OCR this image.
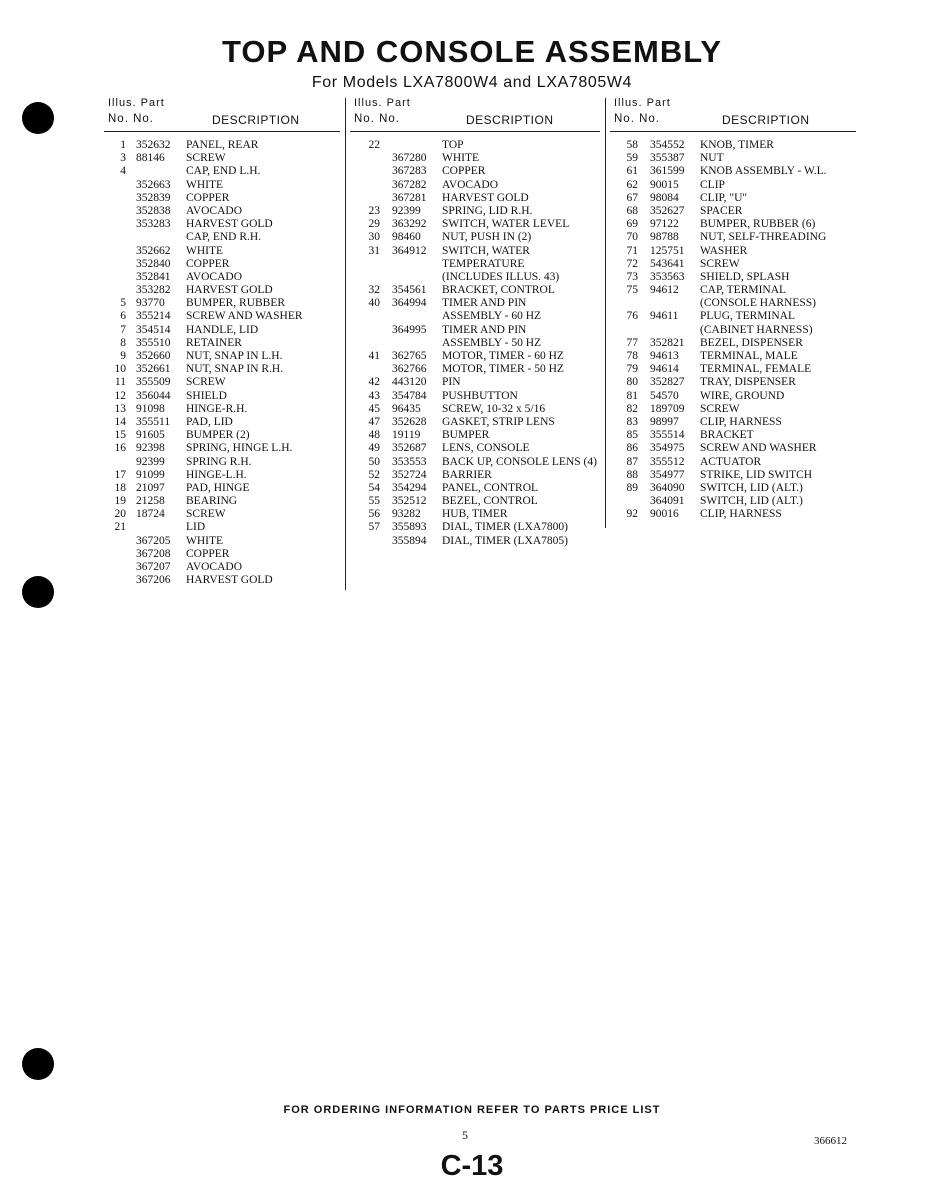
TOP AND CONSOLE ASSEMBLY
For Models LXA7800W4 and LXA7805W4
Illus. Part
No. No.	DESCRIPTION
1 352632 PANEL, REAR
3 88146 SCREW
4	CAP, END L.H.
352663 WHITE
352839 COPPER
352838 AVOCADO
353283 HARVEST GOLD
CAP, END R.H.
352662 WHITE
352840 COPPER
352841 AVOCADO
353282 HARVEST GOLD
5 93770 BUMPER, RUBBER
6 355214 SCREW AND WASHER
7 354514 HANDLE, LID
8 355510 RETAINER
9 352660 NUT, SNAP IN L.H.
10 352661 NUT, SNAP IN R.H.
11 355509 SCREW
12 356044 SHIELD
13 91098 HINGE-R.H.
14 355511 PAD, LID
15 91605 BUMPER (2)
16 92398 SPRING, HINGE L.H.
92399 SPRING R.H.
17 91099 HINGE-L.H.
18 21097 PAD, HINGE
19 21258 BEARING
20 18724 SCREW
21	LID
367205 WHITE
367208 COPPER
367207 AVOCADO
367206 HARVEST GOLD
Illus. Part
No. No.	DESCRIPTION
22	TOP
367280 WHITE
367283 COPPER
367282 AVOCADO
367281 HARVEST GOLD
23 92399 SPRING, LID R.H.
29 363292 SWITCH, WATER LEVEL
30 98460 NUT, PUSH IN (2)
31 364912 SWITCH, WATER
TEMPERATURE
(INCLUDES ILLUS. 43)
32 354561 BRACKET, CONTROL
40 364994 TIMER AND PIN
ASSEMBLY - 60 HZ
364995 TIMER AND PIN
ASSEMBLY - 50 HZ
41 362765 MOTOR, TIMER - 60 HZ
362766 MOTOR, TIMER - 50 HZ
42 443120 PIN
43 354784 PUSHBUTTON
45 96435 SCREW, 10-32 x 5/16
47 352628 GASKET, STRIP LENS
48 19119 BUMPER
49 352687 LENS, CONSOLE
50 353553 BACK UP, CONSOLE LENS (4)
52 352724 BARRIER
54 354294 PANEL, CONTROL
55 352512 BEZEL, CONTROL
56 93282 HUB, TIMER
57 355893 DIAL, TIMER (LXA7800)
355894 DIAL, TIMER (LXA7805)
Illus. Part
No. No.	DESCRIPTION
58 354552 KNOB, TIMER
59 355387 NUT
61 361599 KNOB ASSEMBLY - W.L.
62 90015 CLIP
67 98084 CLIP, "U"
68 352627 SPACER
69 97122 BUMPER, RUBBER (6)
70 98788 NUT, SELF-THREADING
71 125751 WASHER
72 543641 SCREW
73 353563 SHIELD, SPLASH
75 94612 CAP, TERMINAL
(CONSOLE HARNESS)
76 94611 PLUG, TERMINAL
(CABINET HARNESS)
77 352821 BEZEL, DISPENSER
78 94613 TERMINAL, MALE
79 94614 TERMINAL, FEMALE
80 352827 TRAY, DISPENSER
81 54570 WIRE, GROUND
82 189709 SCREW
83 98997 CLIP, HARNESS
85 355514 BRACKET
86 354975 SCREW AND WASHER
87 355512 ACTUATOR
88 354977 STRIKE, LID SWITCH
89 364090 SWITCH, LID (ALT.)
364091 SWITCH, LID (ALT.)
92 90016 CLIP, HARNESS
FOR ORDERING INFORMATION REFER TO PARTS PRICE LIST
5	366612
C-13
